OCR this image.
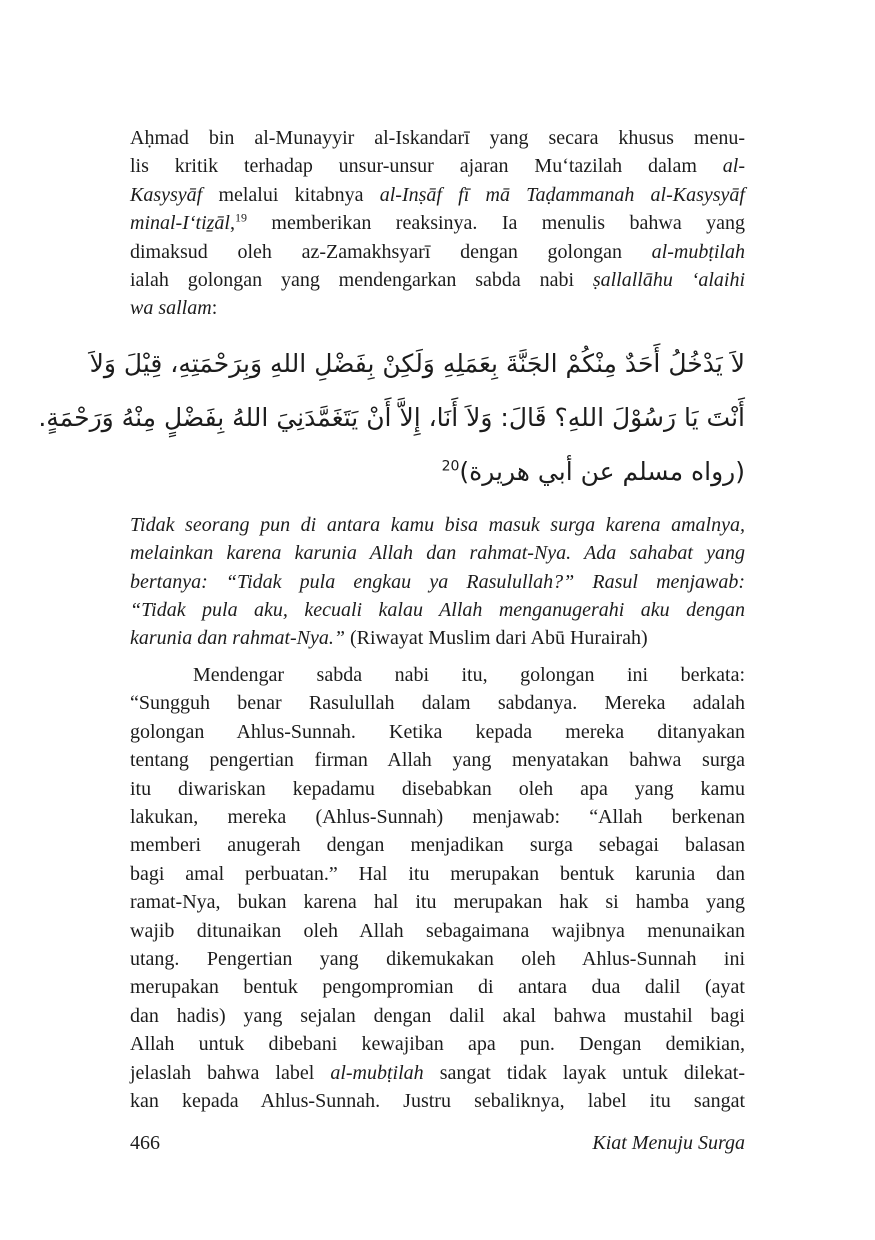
Aḥmad bin al-Munayyir al-Iskandarī yang secara khusus menu-
lis kritik terhadap unsur-unsur ajaran Mu‘tazilah dalam al-
Kasysyāf melalui kitabnya al-Inṣāf fī mā Taḍammanah al-Kasysyāf
minal-I‘tiẕāl,$^{19}$ memberikan reaksinya. Ia menulis bahwa yang
dimaksud oleh az-Zamakhsyarī dengan golongan al-mubṭilah
ialah golongan yang mendengarkan sabda nabi ṣallallāhu ‘alaihi
wa sallam:
لاَ يَدْخُلُ أَحَدٌ مِنْكُمْ الجَنَّةَ بِعَمَلِهِ وَلَكِنْ بِفَضْلِ اللهِ وَبِرَحْمَتِهِ، قِيْلَ وَلاَ
أَنْتَ يَا رَسُوْلَ اللهِ؟ قَالَ: وَلاَ أَنَا، إِلاَّ أَنْ يَتَغَمَّدَنِيَ اللهُ بِفَضْلٍ مِنْهُ وَرَحْمَةٍ.
(رواه مسلم عن أبي هريرة)$^{20}$
Tidak seorang pun di antara kamu bisa masuk surga karena amalnya,
melainkan karena karunia Allah dan rahmat-Nya. Ada sahabat yang
bertanya: “Tidak pula engkau ya Rasulullah?” Rasul menjawab:
“Tidak pula aku, kecuali kalau Allah menganugerahi aku dengan
karunia dan rahmat-Nya.” (Riwayat Muslim dari Abū Hurairah)
Mendengar sabda nabi itu, golongan ini berkata:
“Sungguh benar Rasulullah dalam sabdanya. Mereka adalah
golongan Ahlus-Sunnah. Ketika kepada mereka ditanyakan
tentang pengertian firman Allah yang menyatakan bahwa surga
itu diwariskan kepadamu disebabkan oleh apa yang kamu
lakukan, mereka (Ahlus-Sunnah) menjawab: “Allah berkenan
memberi anugerah dengan menjadikan surga sebagai balasan
bagi amal perbuatan.” Hal itu merupakan bentuk karunia dan
ramat-Nya, bukan karena hal itu merupakan hak si hamba yang
wajib ditunaikan oleh Allah sebagaimana wajibnya menunaikan
utang. Pengertian yang dikemukakan oleh Ahlus-Sunnah ini
merupakan bentuk pengompromian di antara dua dalil (ayat
dan hadis) yang sejalan dengan dalil akal bahwa mustahil bagi
Allah untuk dibebani kewajiban apa pun. Dengan demikian,
jelaslah bahwa label al-mubṭilah sangat tidak layak untuk dilekat-
kan kepada Ahlus-Sunnah. Justru sebaliknya, label itu sangat
466	Kiat Menuju Surga
